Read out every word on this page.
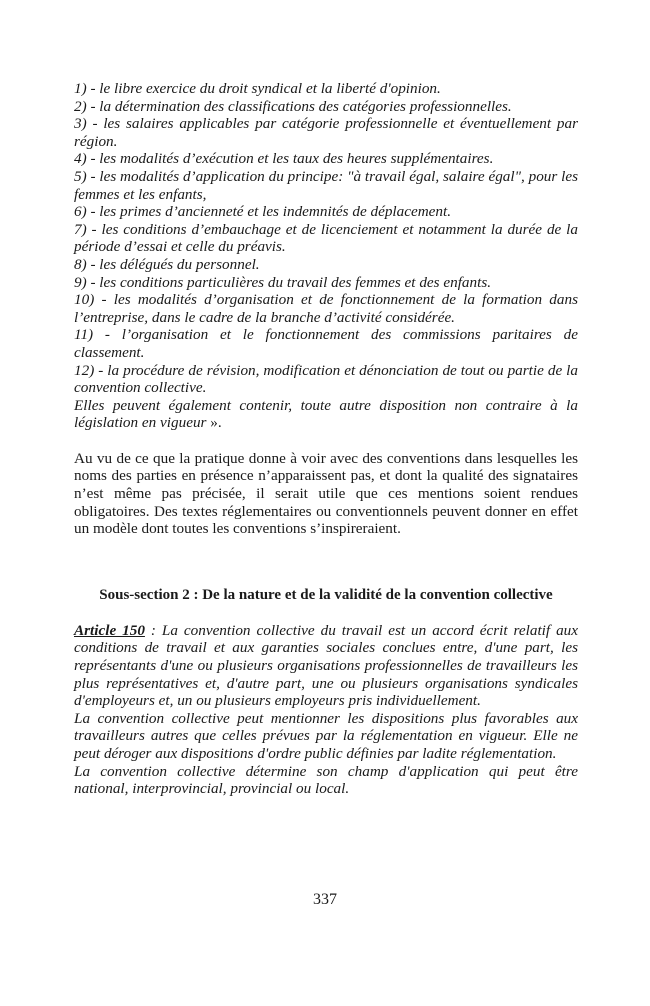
1) - le libre exercice du droit syndical et la liberté d'opinion.

2) - la détermination des classifications des catégories professionnelles.

3) - les salaires applicables par catégorie professionnelle et éventuellement par région.

4) - les modalités d’exécution et les taux des heures supplémentaires.

5) - les modalités d’application du principe: "à travail égal, salaire égal", pour les femmes et les enfants,

6) - les primes d’ancienneté et les indemnités de déplacement.

7) - les conditions d’embauchage et de licenciement et notamment la durée de la période d’essai et celle du préavis.

8) - les délégués du personnel.

9) - les conditions particulières du travail des femmes et des enfants.

10) - les modalités d’organisation et de fonctionnement de la formation dans l’entreprise, dans le cadre de la branche d’activité considérée.

11) - l’organisation et le fonctionnement des commissions paritaires de classement.

12) - la procédure de révision, modification et dénonciation de tout ou partie de la convention collective.

Elles peuvent également contenir, toute autre disposition non contraire à la législation en vigueur ».

Au vu de ce que la pratique donne à voir avec des conventions dans lesquelles les noms des parties en présence n’apparaissent pas, et dont la qualité des signataires n’est même pas précisée, il serait utile que ces mentions soient rendues obligatoires. Des textes réglementaires ou conventionnels peuvent donner en effet un modèle dont toutes les conventions s’inspireraient.

Sous-section 2 : De la nature et de la validité de la convention collective

Article 150 : La convention collective du travail est un accord écrit relatif aux conditions de travail et aux garanties sociales conclues entre, d'une part, les représentants d'une ou plusieurs organisations professionnelles de travailleurs les plus représentatives et, d'autre part, une ou plusieurs organisations syndicales d'employeurs et, un ou plusieurs employeurs pris individuellement.

La convention collective peut mentionner les dispositions plus favorables aux travailleurs autres que celles prévues par la réglementation en vigueur. Elle ne peut déroger aux dispositions d'ordre public définies par ladite réglementation.

La convention collective détermine son champ d'application qui peut être national, interprovincial, provincial ou local.

337
